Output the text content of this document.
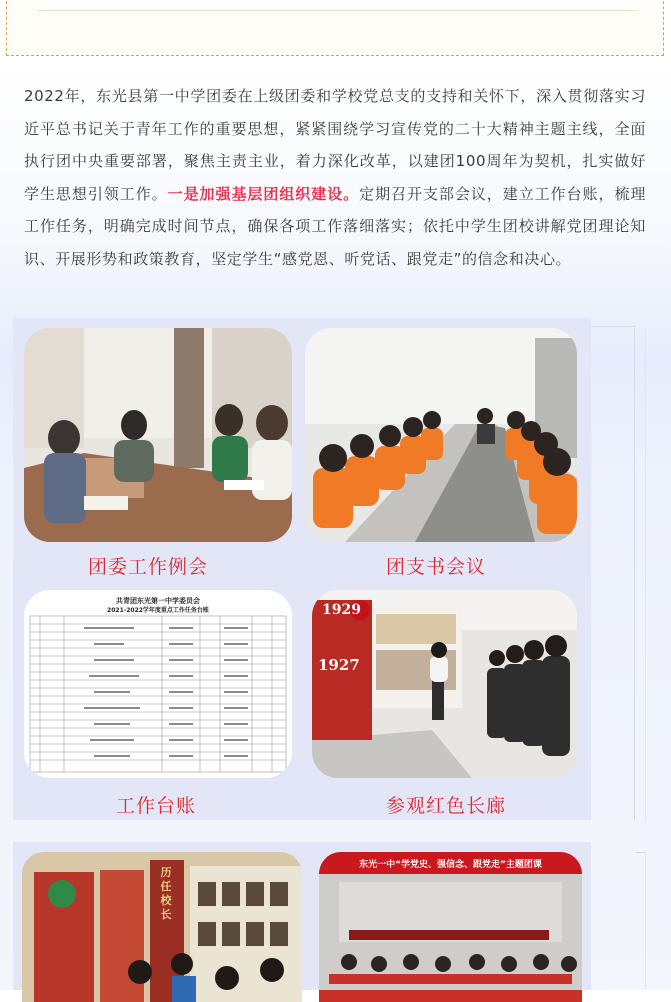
2022年，东光县第一中学团委在上级团委和学校党总支的支持和关怀下，深入贯彻落实习近平总书记关于青年工作的重要思想，紧紧围绕学习宣传党的二十大精神主题主线，全面执行团中央重要部署，聚焦主责主业，着力深化改革，以建团100周年为契机，扎实做好学生思想引领工作。一是加强基层团组织建设。定期召开支部会议，建立工作台账，梳理工作任务，明确完成时间节点，确保各项工作落细落实；依托中学生团校讲解党团理论知识、开展形势和政策教育，坚定学生“感党恩、听党话、跟党走”的信念和决心。

团委工作例会	团支书会议
共青团东光第一中学委员会
2021-2022学年度重点工作任务台账	1929
1927
工作台账	参观红色长廊
历任校长
东光一中“学党史、强信念、跟党走”主题团课
